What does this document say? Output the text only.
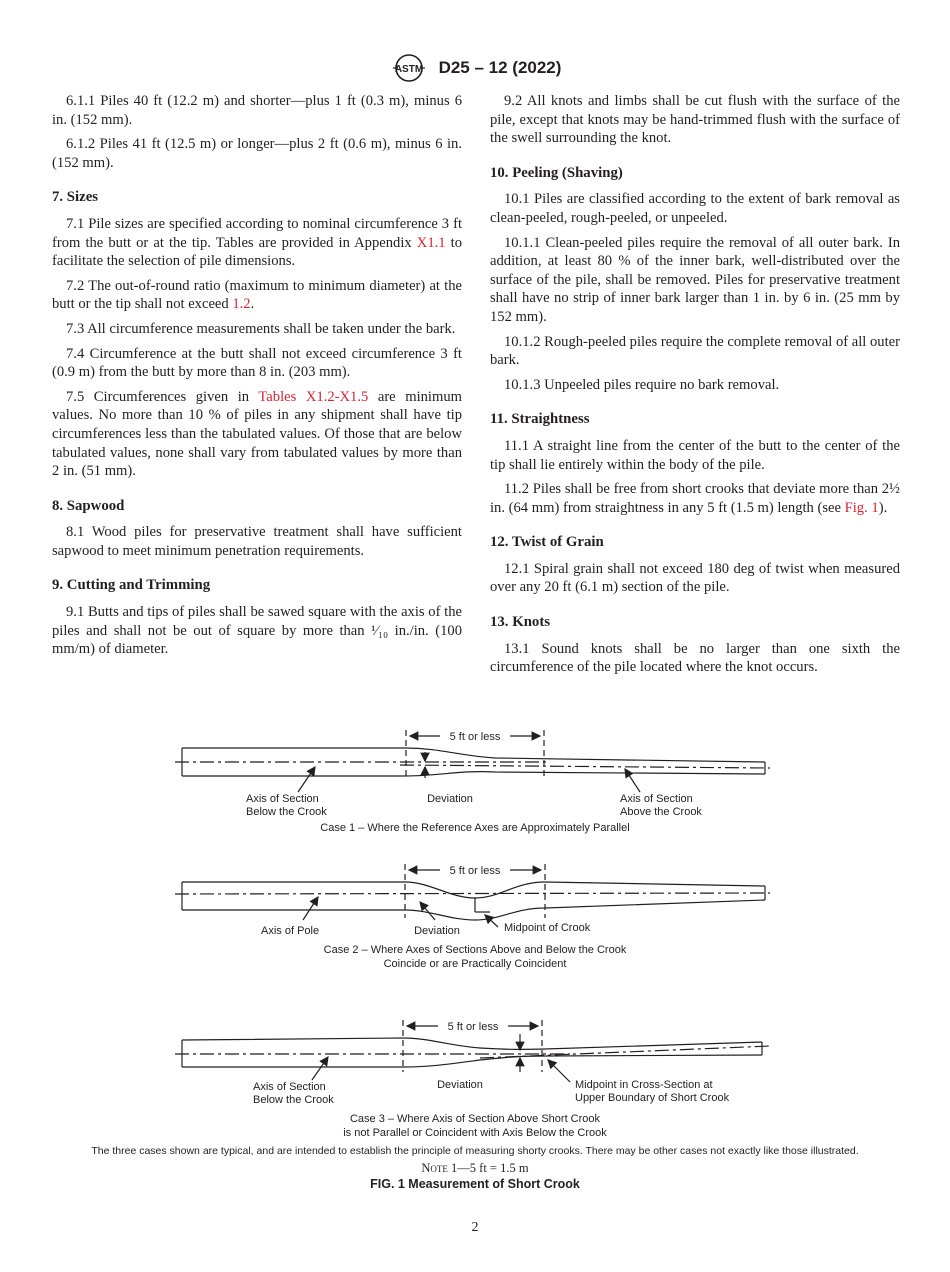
ASTM D25 – 12 (2022)

6.1.1 Piles 40 ft (12.2 m) and shorter—plus 1 ft (0.3 m), minus 6 in. (152 mm).

6.1.2 Piles 41 ft (12.5 m) or longer—plus 2 ft (0.6 m), minus 6 in. (152 mm).

7. Sizes

7.1 Pile sizes are specified according to nominal circumference 3 ft from the butt or at the tip. Tables are provided in Appendix X1.1 to facilitate the selection of pile dimensions.

7.2 The out-of-round ratio (maximum to minimum diameter) at the butt or the tip shall not exceed 1.2.

7.3 All circumference measurements shall be taken under the bark.

7.4 Circumference at the butt shall not exceed circumference 3 ft (0.9 m) from the butt by more than 8 in. (203 mm).

7.5 Circumferences given in Tables X1.2-X1.5 are minimum values. No more than 10 % of piles in any shipment shall have tip circumferences less than the tabulated values. Of those that are below tabulated values, none shall vary from tabulated values by more than 2 in. (51 mm).

8. Sapwood

8.1 Wood piles for preservative treatment shall have sufficient sapwood to meet minimum penetration requirements.

9. Cutting and Trimming

9.1 Butts and tips of piles shall be sawed square with the axis of the piles and shall not be out of square by more than ¹⁄₁₀ in./in. (100 mm/m) of diameter.

9.2 All knots and limbs shall be cut flush with the surface of the pile, except that knots may be hand-trimmed flush with the surface of the swell surrounding the knot.

10. Peeling (Shaving)

10.1 Piles are classified according to the extent of bark removal as clean-peeled, rough-peeled, or unpeeled.

10.1.1 Clean-peeled piles require the removal of all outer bark. In addition, at least 80 % of the inner bark, well-distributed over the surface of the pile, shall be removed. Piles for preservative treatment shall have no strip of inner bark larger than 1 in. by 6 in. (25 mm by 152 mm).

10.1.2 Rough-peeled piles require the complete removal of all outer bark.

10.1.3 Unpeeled piles require no bark removal.

11. Straightness

11.1 A straight line from the center of the butt to the center of the tip shall lie entirely within the body of the pile.

11.2 Piles shall be free from short crooks that deviate more than 2½ in. (64 mm) from straightness in any 5 ft (1.5 m) length (see Fig. 1).

12. Twist of Grain

12.1 Spiral grain shall not exceed 180 deg of twist when measured over any 20 ft (6.1 m) section of the pile.

13. Knots

13.1 Sound knots shall be no larger than one sixth the circumference of the pile located where the knot occurs.

5 ft or less
Axis of Section
Below the Crook
Deviation	Axis of Section
Above the Crook
Case 1 – Where the Reference Axes are Approximately Parallel
5 ft or less
Axis of Pole	Deviation	Midpoint of Crook
Case 2 – Where Axes of Sections Above and Below the Crook
Coincide or are Practically Coincident
5 ft or less
Axis of Section
Below the Crook
Deviation	Midpoint in Cross-Section at
Upper Boundary of Short Crook
Case 3 – Where Axis of Section Above Short Crook
is not Parallel or Coincident with Axis Below the Crook
The three cases shown are typical, and are intended to establish the principle of measuring shorty crooks. There may be other cases not exactly like those illustrated.
Note 1—5 ft = 1.5 m
FIG. 1 Measurement of Short Crook
2
